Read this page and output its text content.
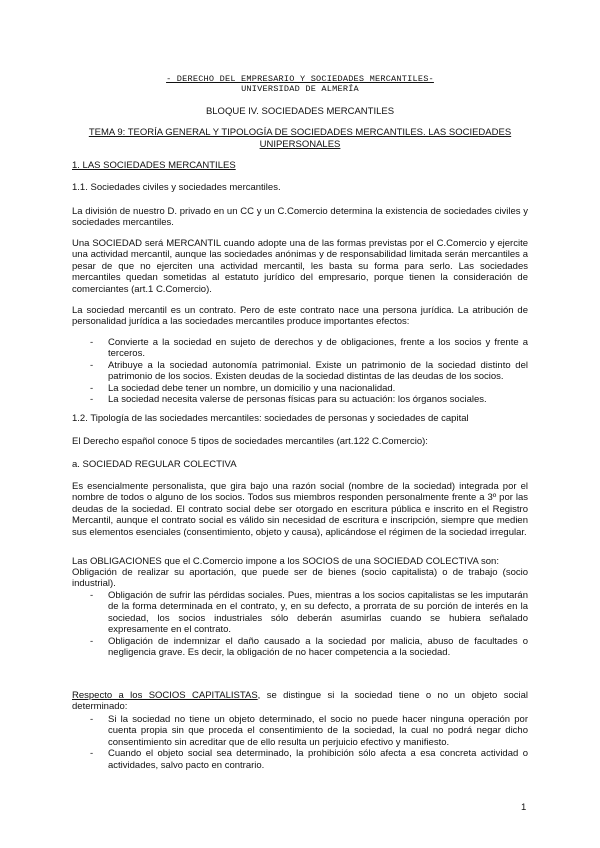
- DERECHO DEL EMPRESARIO Y SOCIEDADES MERCANTILES-
UNIVERSIDAD DE ALMERÍA
BLOQUE IV. SOCIEDADES MERCANTILES
TEMA 9: TEORÍA GENERAL Y TIPOLOGÍA DE SOCIEDADES MERCANTILES. LAS SOCIEDADES UNIPERSONALES
1. LAS SOCIEDADES MERCANTILES
1.1. Sociedades civiles y sociedades mercantiles.

La división de nuestro D. privado en un CC y un C.Comercio determina la existencia de sociedades civiles y sociedades mercantiles.

Una SOCIEDAD será MERCANTIL cuando adopte una de las formas previstas por el C.Comercio y ejercite una actividad mercantil, aunque las sociedades anónimas y de responsabilidad limitada serán mercantiles a pesar de que no ejerciten una actividad mercantil, les basta su forma para serlo. Las sociedades mercantiles quedan sometidas al estatuto jurídico del empresario, porque tienen la consideración de comerciantes (art.1 C.Comercio).

La sociedad mercantil es un contrato. Pero de este contrato nace una persona jurídica. La atribución de personalidad jurídica a las sociedades mercantiles produce importantes efectos:

- Convierte a la sociedad en sujeto de derechos y de obligaciones, frente a los socios y frente a terceros.
- Atribuye a la sociedad autonomía patrimonial. Existe un patrimonio de la sociedad distinto del patrimonio de los socios. Existen deudas de la sociedad distintas de las deudas de los socios.
- La sociedad debe tener un nombre, un domicilio y una nacionalidad.
- La sociedad necesita valerse de personas físicas para su actuación: los órganos sociales.
1.2. Tipología de las sociedades mercantiles: sociedades de personas y sociedades de capital

El Derecho español conoce 5 tipos de sociedades mercantiles (art.122 C.Comercio):

a. SOCIEDAD REGULAR COLECTIVA

Es esencialmente personalista, que gira bajo una razón social (nombre de la sociedad) integrada por el nombre de todos o alguno de los socios. Todos sus miembros responden personalmente frente a 3º por las deudas de la sociedad. El contrato social debe ser otorgado en escritura pública e inscrito en el Registro Mercantil, aunque el contrato social es válido sin necesidad de escritura e inscripción, siempre que medien sus elementos esenciales (consentimiento, objeto y causa), aplicándose el régimen de la sociedad irregular.

Las OBLIGACIONES que el C.Comercio impone a los SOCIOS de una SOCIEDAD COLECTIVA son:

Obligación de realizar su aportación, que puede ser de bienes (socio capitalista) o de trabajo (socio industrial).

- Obligación de sufrir las pérdidas sociales. Pues, mientras a los socios capitalistas se les imputarán de la forma determinada en el contrato, y, en su defecto, a prorrata de su porción de interés en la sociedad, los socios industriales sólo deberán asumirlas cuando se hubiera señalado expresamente en el contrato.
- Obligación de indemnizar el daño causado a la sociedad por malicia, abuso de facultades o negligencia grave. Es decir, la obligación de no hacer competencia a la sociedad.

Respecto a los SOCIOS CAPITALISTAS, se distingue si la sociedad tiene o no un objeto social determinado:

- Si la sociedad no tiene un objeto determinado, el socio no puede hacer ninguna operación por cuenta propia sin que proceda el consentimiento de la sociedad, la cual no podrá negar dicho consentimiento sin acreditar que de ello resulta un perjuicio efectivo y manifiesto.
- Cuando el objeto social sea determinado, la prohibición sólo afecta a esa concreta actividad o actividades, salvo pacto en contrario.
1
